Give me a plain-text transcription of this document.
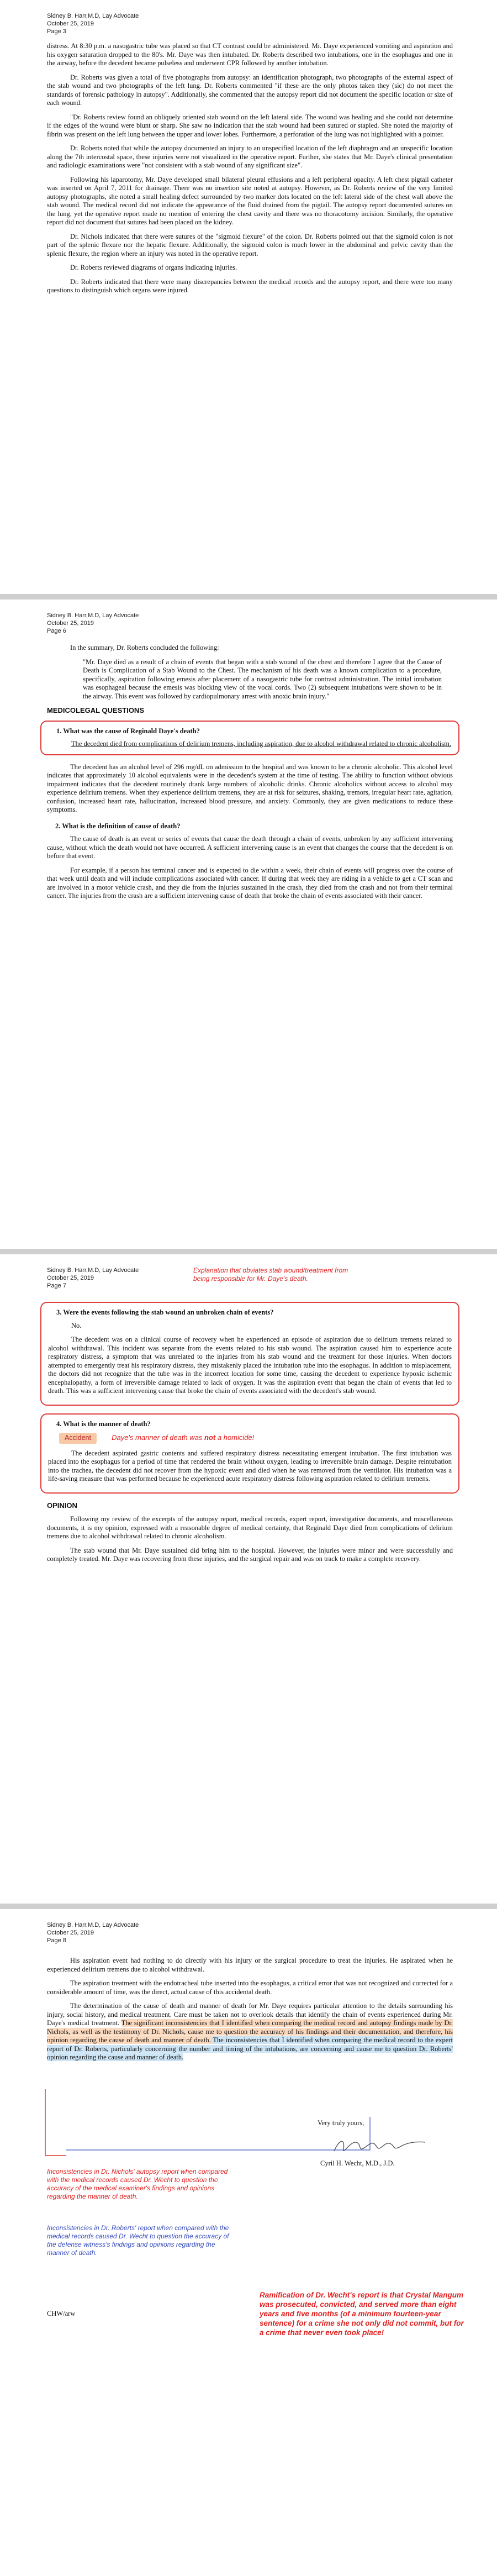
Sidney B. Harr,M.D, Lay Advocate
October 25, 2019
Page 3

distress. At 8:30 p.m. a nasogastric tube was placed so that CT contrast could be administered. Mr. Daye experienced vomiting and aspiration and his oxygen saturation dropped to the 80's. Mr. Daye was then intubated. Dr. Roberts described two intubations, one in the esophagus and one in the airway, before the decedent became pulseless and underwent CPR followed by another intubation.

Dr. Roberts was given a total of five photographs from autopsy: an identification photograph, two photographs of the external aspect of the stab wound and two photographs of the left lung. Dr. Roberts commented "if these are the only photos taken they (sic) do not meet the standards of forensic pathology in autopsy". Additionally, she commented that the autopsy report did not document the specific location or size of each wound.

"Dr. Roberts review found an obliquely oriented stab wound on the left lateral side. The wound was healing and she could not determine if the edges of the wound were blunt or sharp. She saw no indication that the stab wound had been sutured or stapled. She noted the majority of fibrin was present on the left lung between the upper and lower lobes. Furthermore, a perforation of the lung was not highlighted with a pointer.

Dr. Roberts noted that while the autopsy documented an injury to an unspecified location of the left diaphragm and an unspecific location along the 7th intercostal space, these injuries were not visualized in the operative report. Further, she states that Mr. Daye's clinical presentation and radiologic examinations were "not consistent with a stab wound of any significant size".

Following his laparotomy, Mr. Daye developed small bilateral pleural effusions and a left peripheral opacity. A left chest pigtail catheter was inserted on April 7, 2011 for drainage. There was no insertion site noted at autopsy. However, as Dr. Roberts review of the very limited autopsy photographs, she noted a small healing defect surrounded by two marker dots located on the left lateral side of the chest wall above the stab wound. The medical record did not indicate the appearance of the fluid drained from the pigtail. The autopsy report documented sutures on the lung, yet the operative report made no mention of entering the chest cavity and there was no thoracotomy incision. Similarly, the operative report did not document that sutures had been placed on the kidney.

Dr. Nichols indicated that there were sutures of the "sigmoid flexure" of the colon. Dr. Roberts pointed out that the sigmoid colon is not part of the splenic flexure nor the hepatic flexure. Additionally, the sigmoid colon is much lower in the abdominal and pelvic cavity than the splenic flexure, the region where an injury was noted in the operative report.

Dr. Roberts reviewed diagrams of organs indicating injuries.

Dr. Roberts indicated that there were many discrepancies between the medical records and the autopsy report, and there were too many questions to distinguish which organs were injured.

Sidney B. Harr,M.D, Lay Advocate
October 25, 2019
Page 6

In the summary, Dr. Roberts concluded the following:

"Mr. Daye died as a result of a chain of events that began with a stab wound of the chest and therefore I agree that the Cause of Death is Complication of a Stab Wound to the Chest. The mechanism of his death was a known complication to a procedure, specifically, aspiration following emesis after placement of a nasogastric tube for contrast administration. The initial intubation was esophageal because the emesis was blocking view of the vocal cords. Two (2) subsequent intubations were shown to be in the airway. This event was followed by cardiopulmonary arrest with anoxic brain injury."

MEDICOLEGAL QUESTIONS

1. What was the cause of Reginald Daye's death?

The decedent died from complications of delirium tremens, including aspiration, due to alcohol withdrawal related to chronic alcoholism.

The decedent has an alcohol level of 296 mg/dL on admission to the hospital and was known to be a chronic alcoholic. This alcohol level indicates that approximately 10 alcohol equivalents were in the decedent's system at the time of testing. The ability to function without obvious impairment indicates that the decedent routinely drank large numbers of alcoholic drinks. Chronic alcoholics without access to alcohol may experience delirium tremens. When they experience delirium tremens, they are at risk for seizures, shaking, tremors, irregular heart rate, agitation, confusion, increased heart rate, hallucination, increased blood pressure, and anxiety. Commonly, they are given medications to reduce these symptoms.

2. What is the definition of cause of death?

The cause of death is an event or series of events that cause the death through a chain of events, unbroken by any sufficient intervening cause, without which the death would not have occurred. A sufficient intervening cause is an event that changes the course that the decedent is on before that event.

For example, if a person has terminal cancer and is expected to die within a week, their chain of events will progress over the course of that week until death and will include complications associated with cancer. If during that week they are riding in a vehicle to get a CT scan and are involved in a motor vehicle crash, and they die from the injuries sustained in the crash, they died from the crash and not from their terminal cancer. The injuries from the crash are a sufficient intervening cause of death that broke the chain of events associated with their cancer.

Sidney B. Harr,M.D, Lay Advocate
October 25, 2019
Page 7
Explanation that obviates stab wound/treatment from being responsible for Mr. Daye's death.

3. Were the events following the stab wound an unbroken chain of events?

No.

The decedent was on a clinical course of recovery when he experienced an episode of aspiration due to delirium tremens related to alcohol withdrawal. This incident was separate from the events related to his stab wound. The aspiration caused him to experience acute respiratory distress, a symptom that was unrelated to the injuries from his stab wound and the treatment for those injuries. When doctors attempted to emergently treat his respiratory distress, they mistakenly placed the intubation tube into the esophagus. In addition to misplacement, the doctors did not recognize that the tube was in the incorrect location for some time, causing the decedent to experience hypoxic ischemic encephalopathy, a form of irreversible damage related to lack of oxygen. It was the aspiration event that began the chain of events that led to death. This was a sufficient intervening cause that broke the chain of events associated with the decedent's stab wound.

4. What is the manner of death?

Accident	Daye's manner of death was not a homicide!

The decedent aspirated gastric contents and suffered respiratory distress necessitating emergent intubation. The first intubation was placed into the esophagus for a period of time that rendered the brain without oxygen, leading to irreversible brain damage. Despite reintubation into the trachea, the decedent did not recover from the hypoxic event and died when he was removed from the ventilator. His intubation was a life-saving measure that was performed because he experienced acute respiratory distress following aspiration related to delirium tremens.

OPINION

Following my review of the excerpts of the autopsy report, medical records, expert report, investigative documents, and miscellaneous documents, it is my opinion, expressed with a reasonable degree of medical certainty, that Reginald Daye died from complications of delirium tremens due to alcohol withdrawal related to chronic alcoholism.

The stab wound that Mr. Daye sustained did bring him to the hospital. However, the injuries were minor and were successfully and completely treated. Mr. Daye was recovering from these injuries, and the surgical repair and was on track to make a complete recovery.

Sidney B. Harr,M.D, Lay Advocate
October 25, 2019
Page 8

His aspiration event had nothing to do directly with his injury or the surgical procedure to treat the injuries. He aspirated when he experienced delirium tremens due to alcohol withdrawal.

The aspiration treatment with the endotracheal tube inserted into the esophagus, a critical error that was not recognized and corrected for a considerable amount of time, was the direct, actual cause of this accidental death.

The determination of the cause of death and manner of death for Mr. Daye requires particular attention to the details surrounding his injury, social history, and medical treatment. Care must be taken not to overlook details that identify the chain of events experienced during Mr. Daye's medical treatment. The significant inconsistencies that I identified when comparing the medical record and autopsy findings made by Dr. Nichols, as well as the testimony of Dr. Nichols, cause me to question the accuracy of his findings and their documentation, and therefore, his opinion regarding the cause of death and manner of death. The inconsistencies that I identified when comparing the medical record to the expert report of Dr. Roberts, particularly concerning the number and timing of the intubations, are concerning and cause me to question Dr. Roberts' opinion regarding the cause and manner of death.

Very truly yours,
Cyril H. Wecht, M.D., J.D.
Inconsistencies in Dr. Nichols' autopsy report when compared with the medical records caused Dr. Wecht to question the accuracy of the medical examiner's findings and opinions regarding the manner of death.
Inconsistencies in Dr. Roberts' report when compared with the medical records caused Dr. Wecht to question the accuracy of the defense witness's findings and opinions regarding the manner of death.
CHW/arw
Ramification of Dr. Wecht's report is that Crystal Mangum was prosecuted, convicted, and served more than eight years and five months (of a minimum fourteen-year sentence) for a crime she not only did not commit, but for a crime that never even took place!
